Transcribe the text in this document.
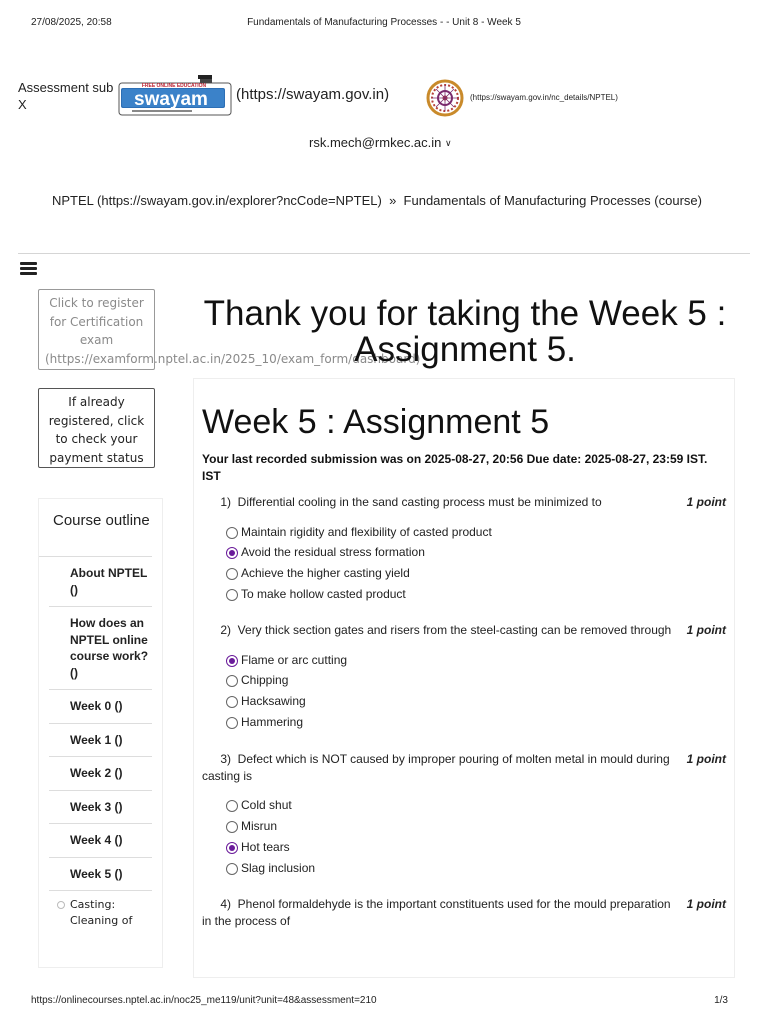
27/08/2025, 20:58	Fundamentals of Manufacturing Processes - - Unit 8 - Week 5
https://onlinecourses.nptel.ac.in/noc25_me119/unit?unit=48&assessment=210	1/3
Assessment sub
X
FREE ONLINE EDUCATION
swayam (https://swayam.gov.in)	(https://swayam.gov.in/nc_details/NPTEL)
rsk.mech@rmkec.ac.in ∨
NPTEL (https://swayam.gov.in/explorer?ncCode=NPTEL) » Fundamentals of Manufacturing Processes (course)
Click to register
for Certification
exam
(https://examform.nptel.ac.in/2025_10/exam_form/dashboard)
If already
registered, click
to check your
payment status
Course outline
About NPTEL ()
How does an NPTEL online course work? ()
Week 0 ()
Week 1 ()
Week 2 ()
Week 3 ()
Week 4 ()
Week 5 ()
Casting: Cleaning of
Thank you for taking the Week 5 : Assignment 5.
Week 5 : Assignment 5
Your last recorded submission was on 2025-08-27, 20:56 Due date: 2025-08-27, 23:59 IST.
IST
1) Differential cooling in the sand casting process must be minimized to	1 point
Maintain rigidity and flexibility of casted product
Avoid the residual stress formation
Achieve the higher casting yield
To make hollow casted product
2) Very thick section gates and risers from the steel-casting can be removed through	1 point
Flame or arc cutting
Chipping
Hacksawing
Hammering
3) Defect which is NOT caused by improper pouring of molten metal in mould during casting is
1 point
Cold shut
Misrun
Hot tears
Slag inclusion
4) Phenol formaldehyde is the important constituents used for the mould preparation in the process of
1 point
